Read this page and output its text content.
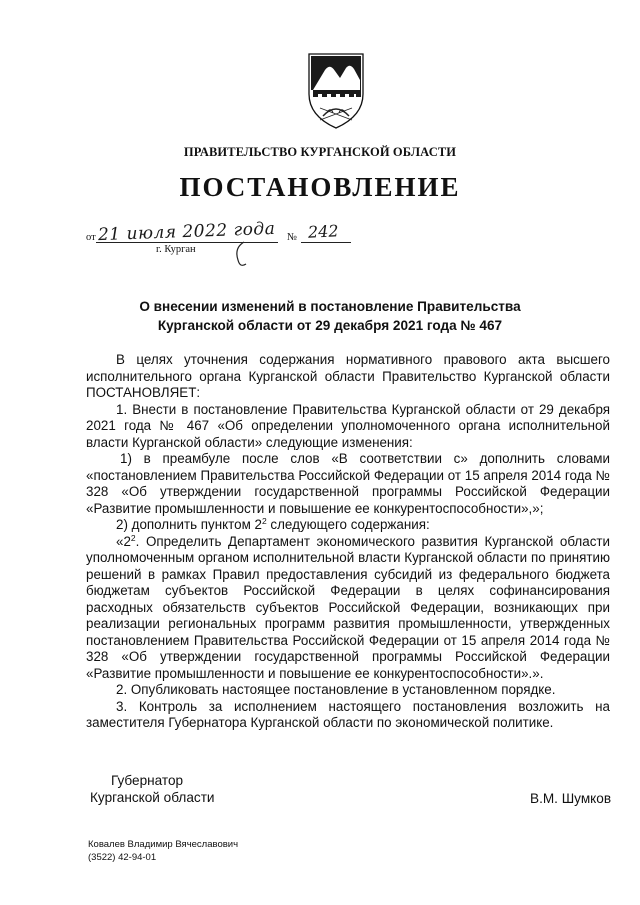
ПРАВИТЕЛЬСТВО КУРГАНСКОЙ ОБЛАСТИ
ПОСТАНОВЛЕНИЕ
от 21 июля 2022 года № 242
г. Курган
О внесении изменений в постановление Правительства
Курганской области от 29 декабря 2021 года № 467

В целях уточнения содержания нормативного правового акта высшего исполнительного органа Курганской области Правительство Курганской области ПОСТАНОВЛЯЕТ:

1. Внести в постановление Правительства Курганской области от 29 декабря 2021 года № 467 «Об определении уполномоченного органа исполнительной власти Курганской области» следующие изменения:

1) в преамбуле после слов «В соответствии с» дополнить словами «постановлением Правительства Российской Федерации от 15 апреля 2014 года № 328 «Об утверждении государственной программы Российской Федерации «Развитие промышленности и повышение ее конкурентоспособности»,»;

2) дополнить пунктом $2^2$ следующего содержания:

«$2^2$. Определить Департамент экономического развития Курганской области уполномоченным органом исполнительной власти Курганской области по принятию решений в рамках Правил предоставления субсидий из федерального бюджета бюджетам субъектов Российской Федерации в целях софинансирования расходных обязательств субъектов Российской Федерации, возникающих при реализации региональных программ развития промышленности, утвержденных постановлением Правительства Российской Федерации от 15 апреля 2014 года № 328 «Об утверждении государственной программы Российской Федерации «Развитие промышленности и повышение ее конкурентоспособности».».

2. Опубликовать настоящее постановление в установленном порядке.

3. Контроль за исполнением настоящего постановления возложить на заместителя Губернатора Курганской области по экономической политике.

Губернатор
Курганской области	В.М. Шумков
Ковалев Владимир Вячеславович
(3522) 42-94-01
